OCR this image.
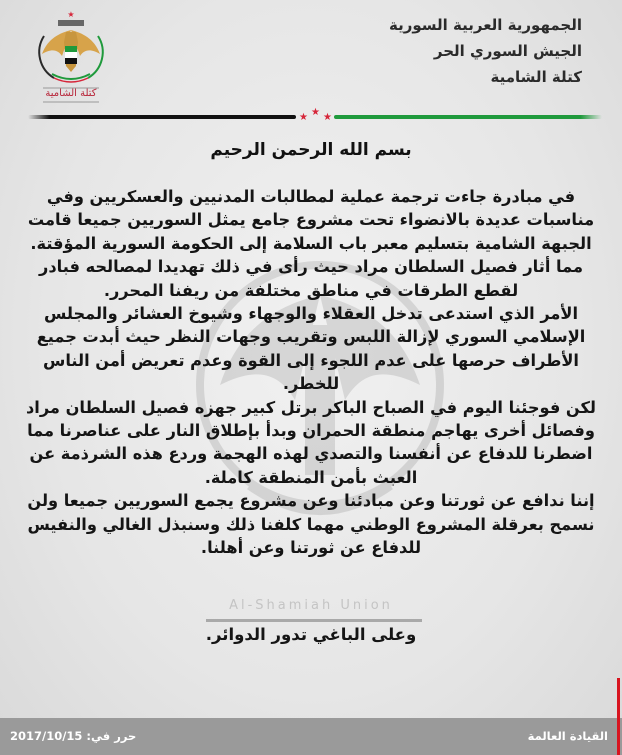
الجمهورية العربية السورية
الجيش السوري الحر
كتلة الشامية
★
كتلة الشامية
★ ★ ★
بسم الله الرحمن الرحيم

في مبادرة جاءت ترجمة عملية لمطالبات المدنيين والعسكريين وفي مناسبات عديدة بالانضواء تحت مشروع جامع يمثل السوريين جميعا قامت الجبهة الشامية بتسليم معبر باب السلامة إلى الحكومة السورية المؤقتة.

مما أثار فصيل السلطان مراد حيث رأى في ذلك تهديدا لمصالحه فبادر لقطع الطرقات في مناطق مختلفة من ريفنا المحرر.

الأمر الذي استدعى تدخل العقلاء والوجهاء وشيوخ العشائر والمجلس الإسلامي السوري لإزالة اللبس وتقريب وجهات النظر حيث أبدت جميع الأطراف حرصها على عدم اللجوء إلى القوة وعدم تعريض أمن الناس للخطر.

لكن فوجئنا اليوم في الصباح الباكر برتل كبير جهزه فصيل السلطان مراد وفصائل أخرى يهاجم منطقة الحمران وبدأ بإطلاق النار على عناصرنا مما اضطرنا للدفاع عن أنفسنا والتصدي لهذه الهجمة وردع هذه الشرذمة عن العبث بأمن المنطقة كاملة.

إننا ندافع عن ثورتنا وعن مبادئنا وعن مشروع يجمع السوريين جميعا ولن نسمح بعرقلة المشروع الوطني مهما كلفنا ذلك وسنبذل الغالي والنفيس للدفاع عن ثورتنا وعن أهلنا.

Al-Shamiah Union
وعلى الباغي تدور الدوائر.
حرر في: 2017/10/15	القيادة العالمة
